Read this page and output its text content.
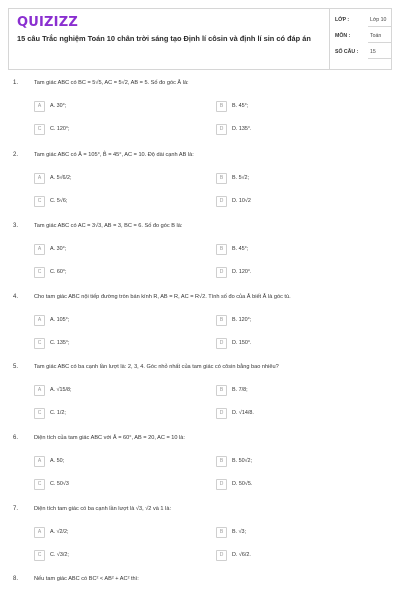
QUIZIZZ
15 câu Trắc nghiệm Toán 10 chân trời sáng tạo Định lí côsin và định lí sin có đáp án
LỚP :	Lớp 10
MÔN :	Toán
SỐ CÂU : 15
1.	Tam giác ABC có BC = 5√5, AC = 5√2, AB = 5. Số đo góc Â là:
A	A. 30°;	B	B. 45°;
C	C. 120°;	D	D. 135°.
2.	Tam giác ABC có Â = 105°, B̂ = 45°, AC = 10. Độ dài cạnh AB là:
A	A. 5√6/2;	B	B. 5√2;
C	C. 5√6;	D	D. 10√2
3.	Tam giác ABC có AC = 3√3, AB = 3, BC = 6. Số đo góc B là:
A	A. 30°;	B	B. 45°;
C	C. 60°;	D	D. 120°.
4.	Cho tam giác ABC nội tiếp đường tròn bán kính R, AB = R, AC = R√2. Tính số đo của Â biết Â là góc tù.
A	A. 105°;	B	B. 120°;
C	C. 135°;	D	D. 150°.
5.	Tam giác ABC có ba cạnh lần lượt là: 2, 3, 4. Góc nhỏ nhất của tam giác có côsin bằng bao nhiêu?
A	A. √15/8;	B	B. 7/8;
C	C. 1/2;	D	D. √14/8.
6.	Diện tích của tam giác ABC với Â = 60°, AB = 20, AC = 10 là:
A	A. 50;	B	B. 50√2;
C	C. 50√3	D	D. 50√5.
7.	Diện tích tam giác có ba cạnh lần lượt là √3, √2 và 1 là:
A	A. √2/2;	B	B. √3;
C	C. √3/2;	D	D. √6/2.
8.	Nếu tam giác ABC có BC² < AB² + AC² thì:
